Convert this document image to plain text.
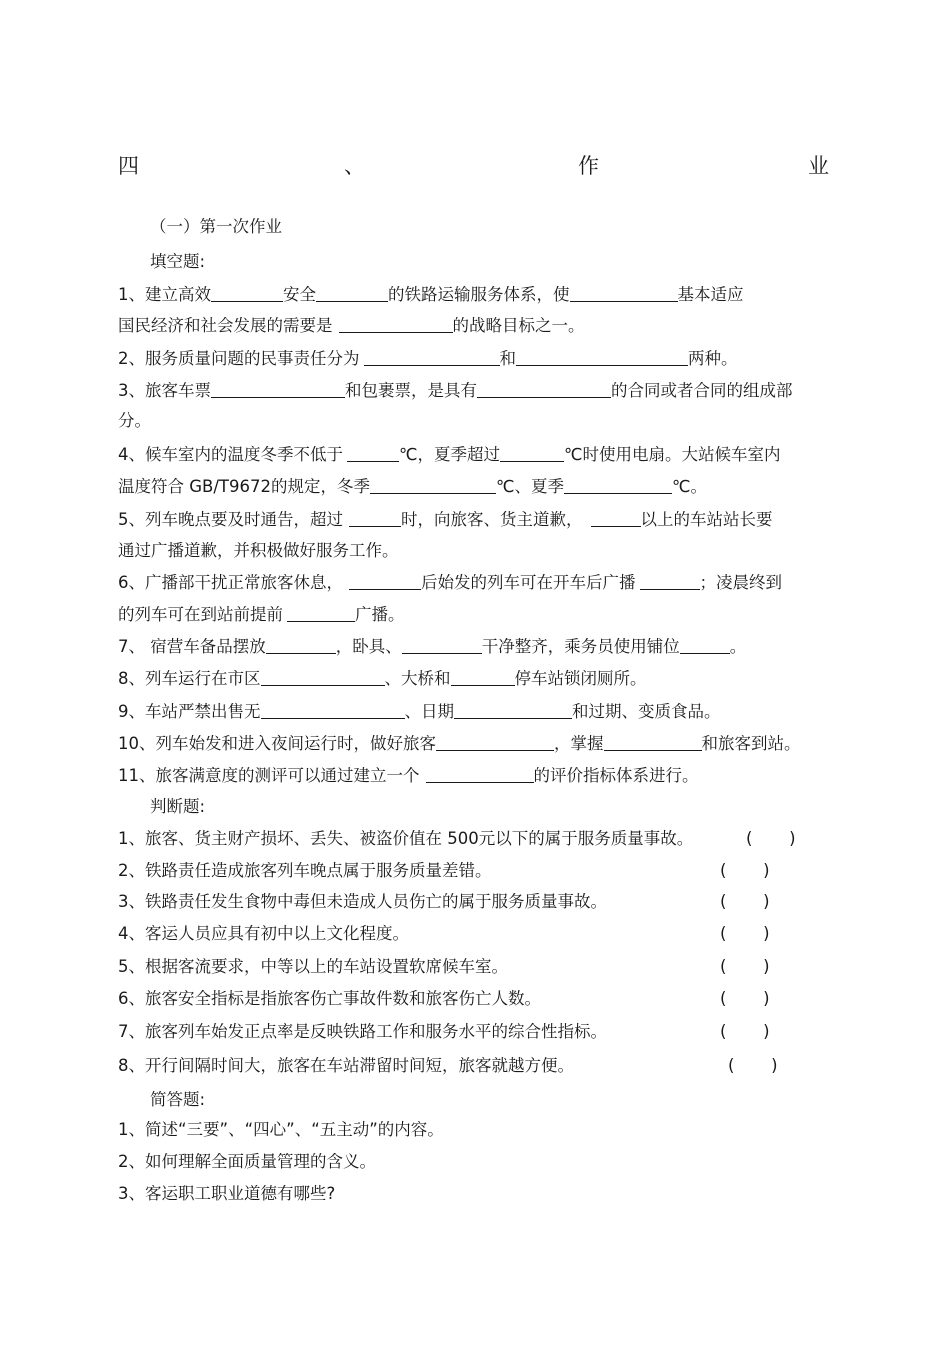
四	、	作	业
（一）第一次作业
填空题:
1、建立高效	安全	的铁路运输服务体系，使	基本适应
国民经济和社会发展的需要是	的战略目标之一。
2、服务质量问题的民事责任分为	和	两种。
3、旅客车票	和包裹票，是具有	的合同或者合同的组成部
分。
4、候车室内的温度冬季不低于	℃，夏季超过	℃时使用电扇。大站候车室内
温度符合 GB/T9672的规定，冬季	℃、夏季	℃。
5、列车晚点要及时通告，超过	时，向旅客、货主道歉，	以上的车站站长要
通过广播道歉，并积极做好服务工作。
6、广播部干扰正常旅客休息，	后始发的列车可在开车后广播	；凌晨终到
的列车可在到站前提前	广播。
7、 宿营车备品摆放	，卧具、	干净整齐，乘务员使用铺位	。
8、列车运行在市区	、大桥和	停车站锁闭厕所。
9、车站严禁出售无	、日期	和过期、变质食品。
10、列车始发和进入夜间运行时，做好旅客	，掌握	和旅客到站。
11、旅客满意度的测评可以通过建立一个	的评价指标体系进行。
判断题:
1、旅客、货主财产损坏、丢失、被盗价值在 500元以下的属于服务质量事故。	(       )
2、铁路责任造成旅客列车晚点属于服务质量差错。	(       )
3、铁路责任发生食物中毒但未造成人员伤亡的属于服务质量事故。	(       )
4、客运人员应具有初中以上文化程度。	(       )
5、根据客流要求，中等以上的车站设置软席候车室。	(       )
6、旅客安全指标是指旅客伤亡事故件数和旅客伤亡人数。	(       )
7、旅客列车始发正点率是反映铁路工作和服务水平的综合性指标。	(       )
8、开行间隔时间大，旅客在车站滞留时间短，旅客就越方便。	(       )
简答题:
1、简述“三要”、“四心”、“五主动”的内容。
2、如何理解全面质量管理的含义。
3、客运职工职业道德有哪些?
